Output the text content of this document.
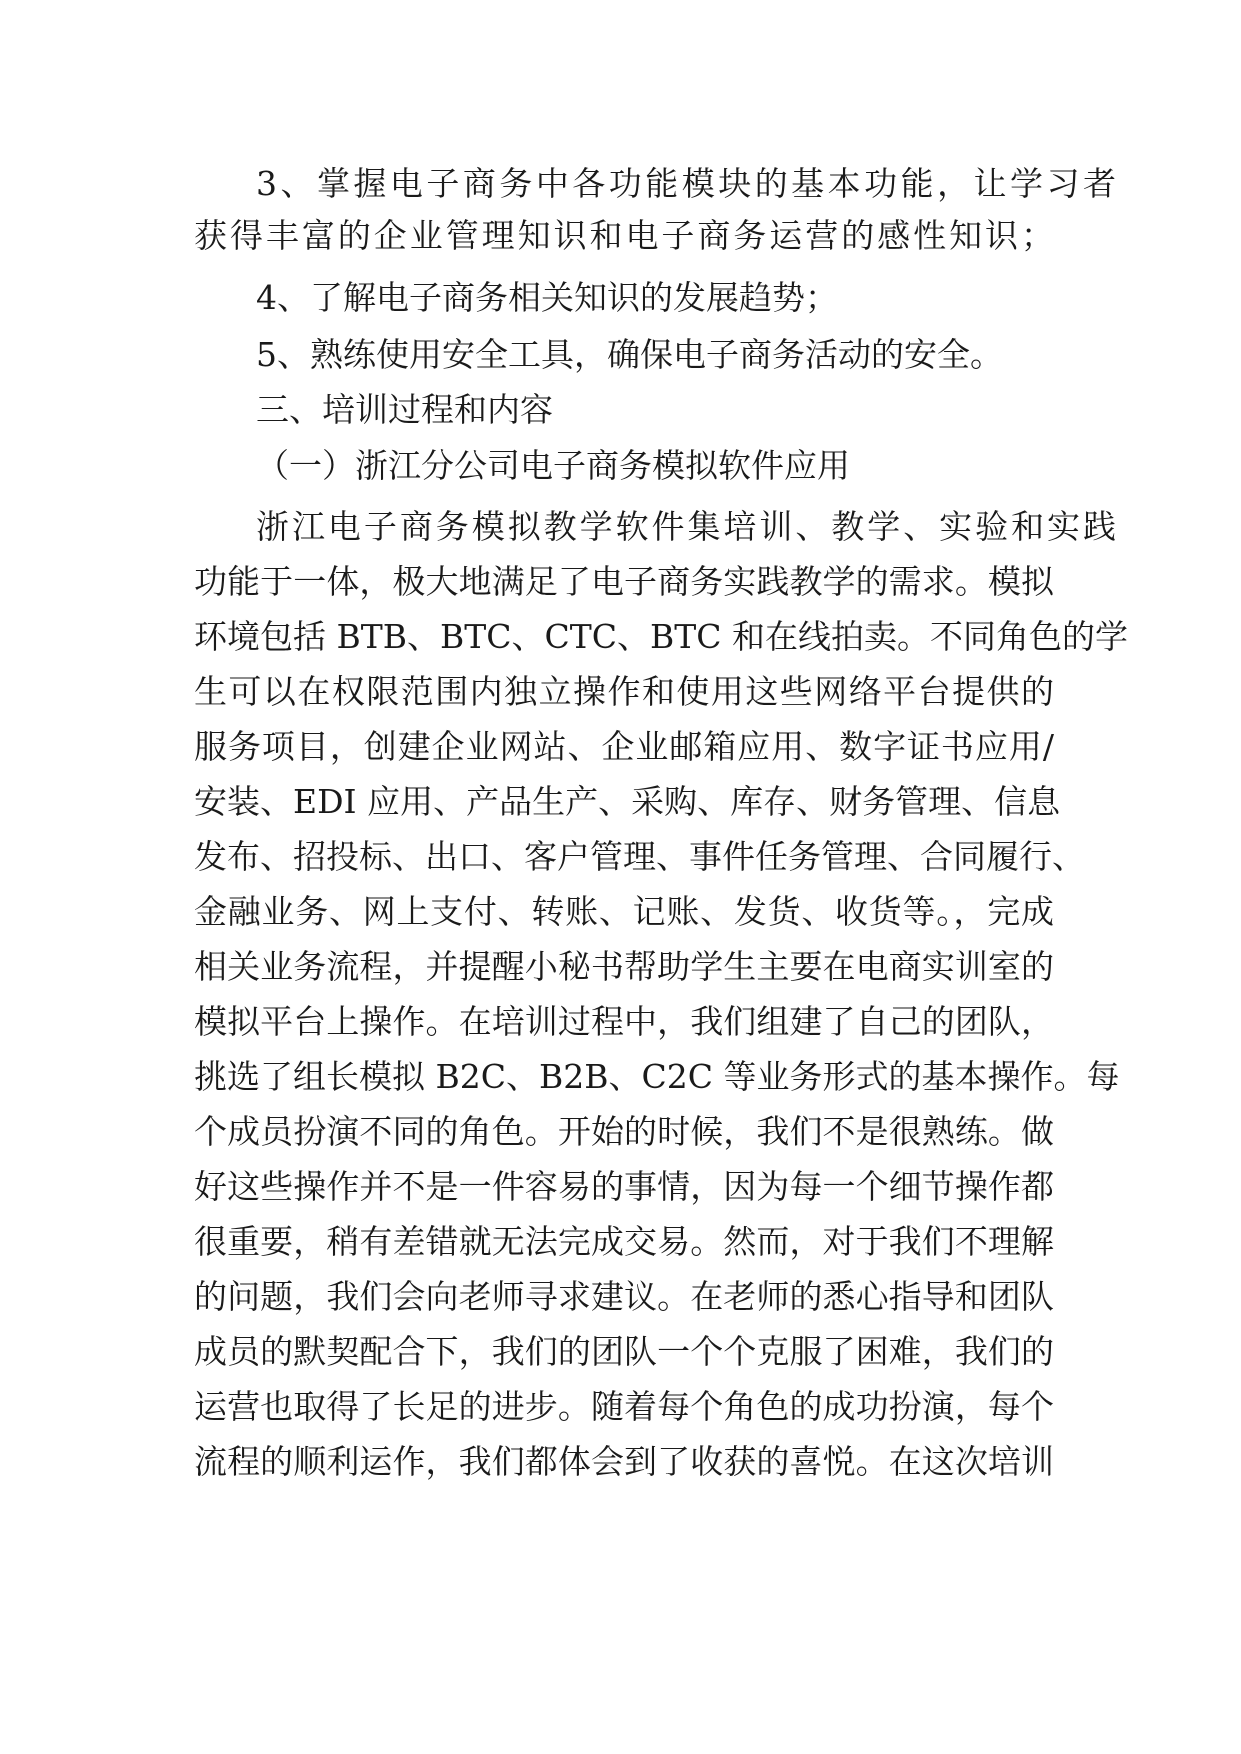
3、掌握电子商务中各功能模块的基本功能，让学习者
获得丰富的企业管理知识和电子商务运营的感性知识；
4、了解电子商务相关知识的发展趋势；
5、熟练使用安全工具，确保电子商务活动的安全。
三、培训过程和内容
（一）浙江分公司电子商务模拟软件应用
浙江电子商务模拟教学软件集培训、教学、实验和实践
功能于一体，极大地满足了电子商务实践教学的需求。模拟
环境包括 BTB、BTC、CTC、BTC 和在线拍卖。不同角色的学
生可以在权限范围内独立操作和使用这些网络平台提供的
服务项目，创建企业网站、企业邮箱应用、数字证书应用/
安装、EDI 应用、产品生产、采购、库存、财务管理、信息
发布、招投标、出口、客户管理、事件任务管理、合同履行、
金融业务、网上支付、转账、记账、发货、收货等。，完成
相关业务流程，并提醒小秘书帮助学生主要在电商实训室的
模拟平台上操作。在培训过程中，我们组建了自己的团队，
挑选了组长模拟 B2C、B2B、C2C 等业务形式的基本操作。每
个成员扮演不同的角色。开始的时候，我们不是很熟练。做
好这些操作并不是一件容易的事情，因为每一个细节操作都
很重要，稍有差错就无法完成交易。然而，对于我们不理解
的问题，我们会向老师寻求建议。在老师的悉心指导和团队
成员的默契配合下，我们的团队一个个克服了困难，我们的
运营也取得了长足的进步。随着每个角色的成功扮演，每个
流程的顺利运作，我们都体会到了收获的喜悦。在这次培训
